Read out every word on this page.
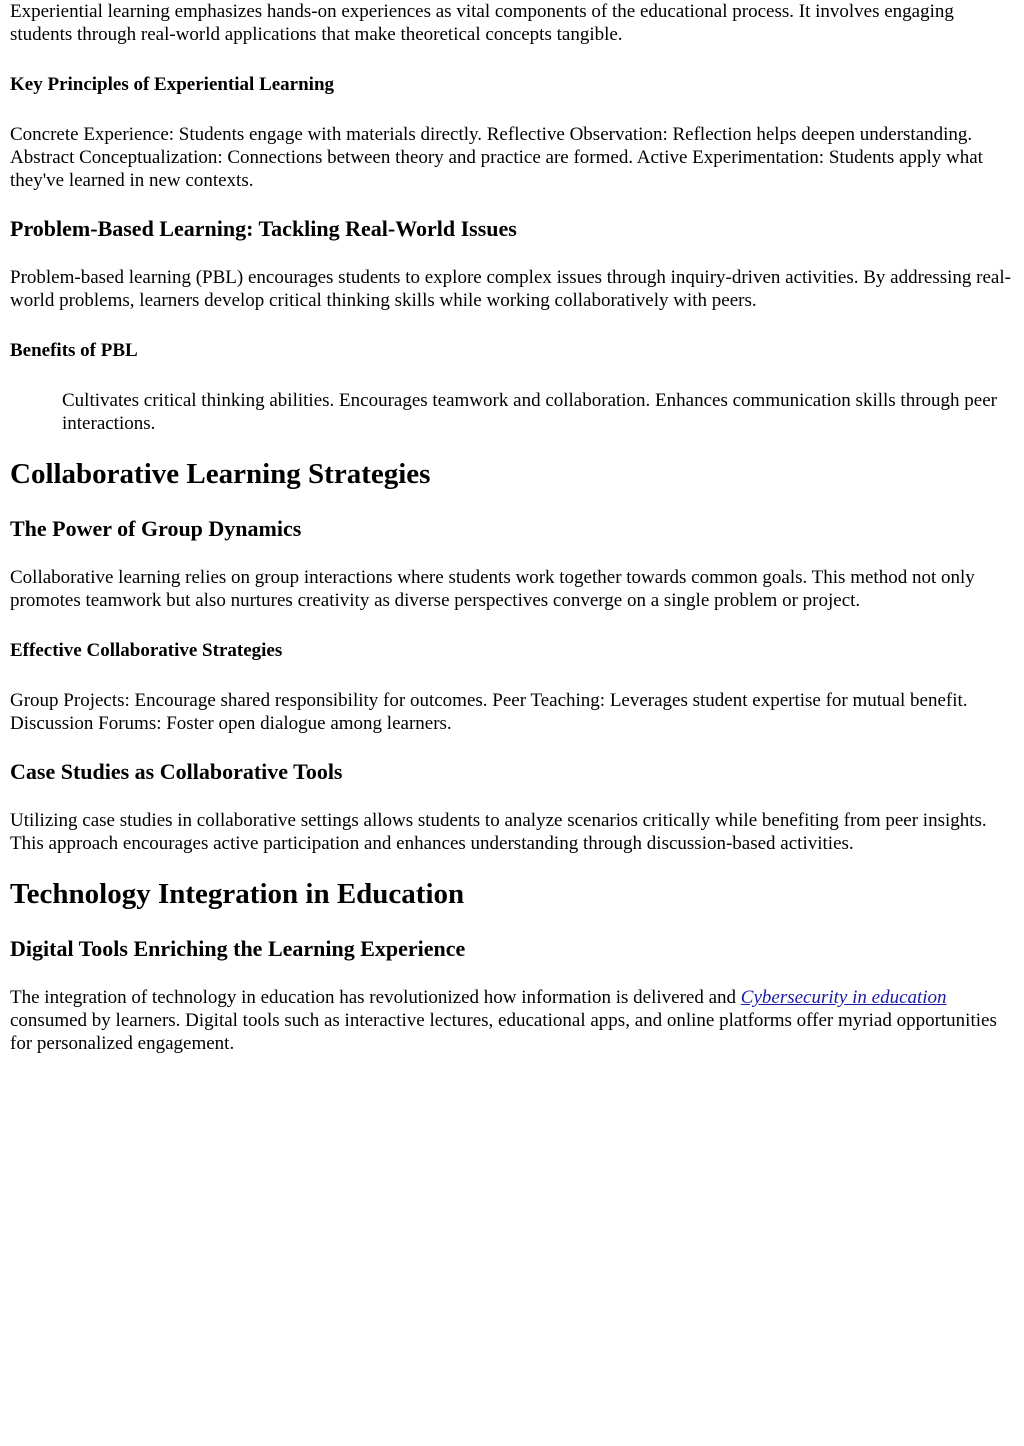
Experiential learning emphasizes hands-on experiences as vital components of the educational process. It involves engaging students through real-world applications that make theoretical concepts tangible.

Key Principles of Experiential Learning

Concrete Experience: Students engage with materials directly. Reflective Observation: Reflection helps deepen understanding. Abstract Conceptualization: Connections between theory and practice are formed. Active Experimentation: Students apply what they've learned in new contexts.

Problem-Based Learning: Tackling Real-World Issues

Problem-based learning (PBL) encourages students to explore complex issues through inquiry-driven activities. By addressing real-world problems, learners develop critical thinking skills while working collaboratively with peers.

Benefits of PBL
Cultivates critical thinking abilities. Encourages teamwork and collaboration. Enhances communication skills through peer interactions.
Collaborative Learning Strategies
The Power of Group Dynamics

Collaborative learning relies on group interactions where students work together towards common goals. This method not only promotes teamwork but also nurtures creativity as diverse perspectives converge on a single problem or project.

Effective Collaborative Strategies

Group Projects: Encourage shared responsibility for outcomes. Peer Teaching: Leverages student expertise for mutual benefit. Discussion Forums: Foster open dialogue among learners.

Case Studies as Collaborative Tools

Utilizing case studies in collaborative settings allows students to analyze scenarios critically while benefiting from peer insights. This approach encourages active participation and enhances understanding through discussion-based activities.

Technology Integration in Education
Digital Tools Enriching the Learning Experience

The integration of technology in education has revolutionized how information is delivered and Cybersecurity in education consumed by learners. Digital tools such as interactive lectures, educational apps, and online platforms offer myriad opportunities for personalized engagement.
